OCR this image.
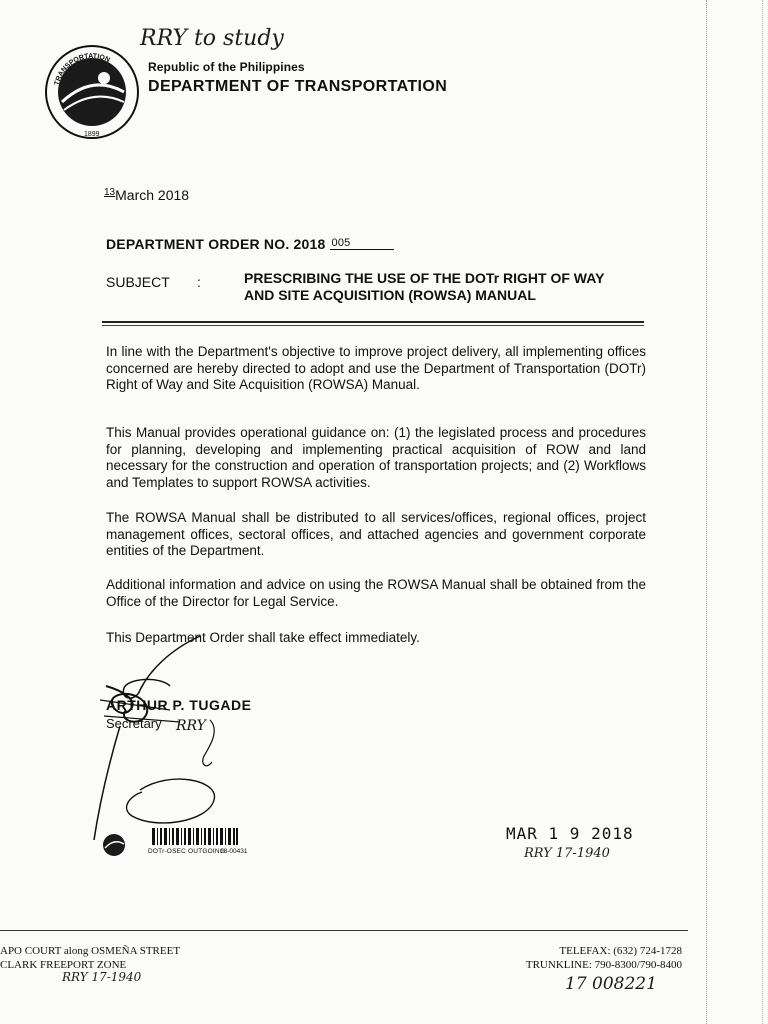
RRY to study
TRANSPORTATION
1899
Republic of the Philippines
DEPARTMENT OF TRANSPORTATION
$^{13}$March 2018
DEPARTMENT ORDER NO. 2018 005
SUBJECT :	PRESCRIBING THE USE OF THE DOTr RIGHT OF WAY AND SITE ACQUISITION (ROWSA) MANUAL
In line with the Department's objective to improve project delivery, all implementing offices concerned are hereby directed to adopt and use the Department of Transportation (DOTr) Right of Way and Site Acquisition (ROWSA) Manual.
This Manual provides operational guidance on: (1) the legislated process and procedures for planning, developing and implementing practical acquisition of ROW and land necessary for the construction and operation of transportation projects; and (2) Workflows and Templates to support ROWSA activities.
The ROWSA Manual shall be distributed to all services/offices, regional offices, project management offices, sectoral offices, and attached agencies and government corporate entities of the Department.
Additional information and advice on using the ROWSA Manual shall be obtained from the Office of the Director for Legal Service.
This Department Order shall take effect immediately.
ARTHUR P. TUGADE
Secretary RRY
DOTr-OSEC OUTGOING
18-00431
MAR 1 9 2018
RRY 17-1940
APO COURT along OSMEÑA STREET
CLARK FREEPORT ZONE
TELEFAX: (632) 724-1728
TRUNKLINE: 790-8300/790-8400
RRY 17-1940	17 008221
